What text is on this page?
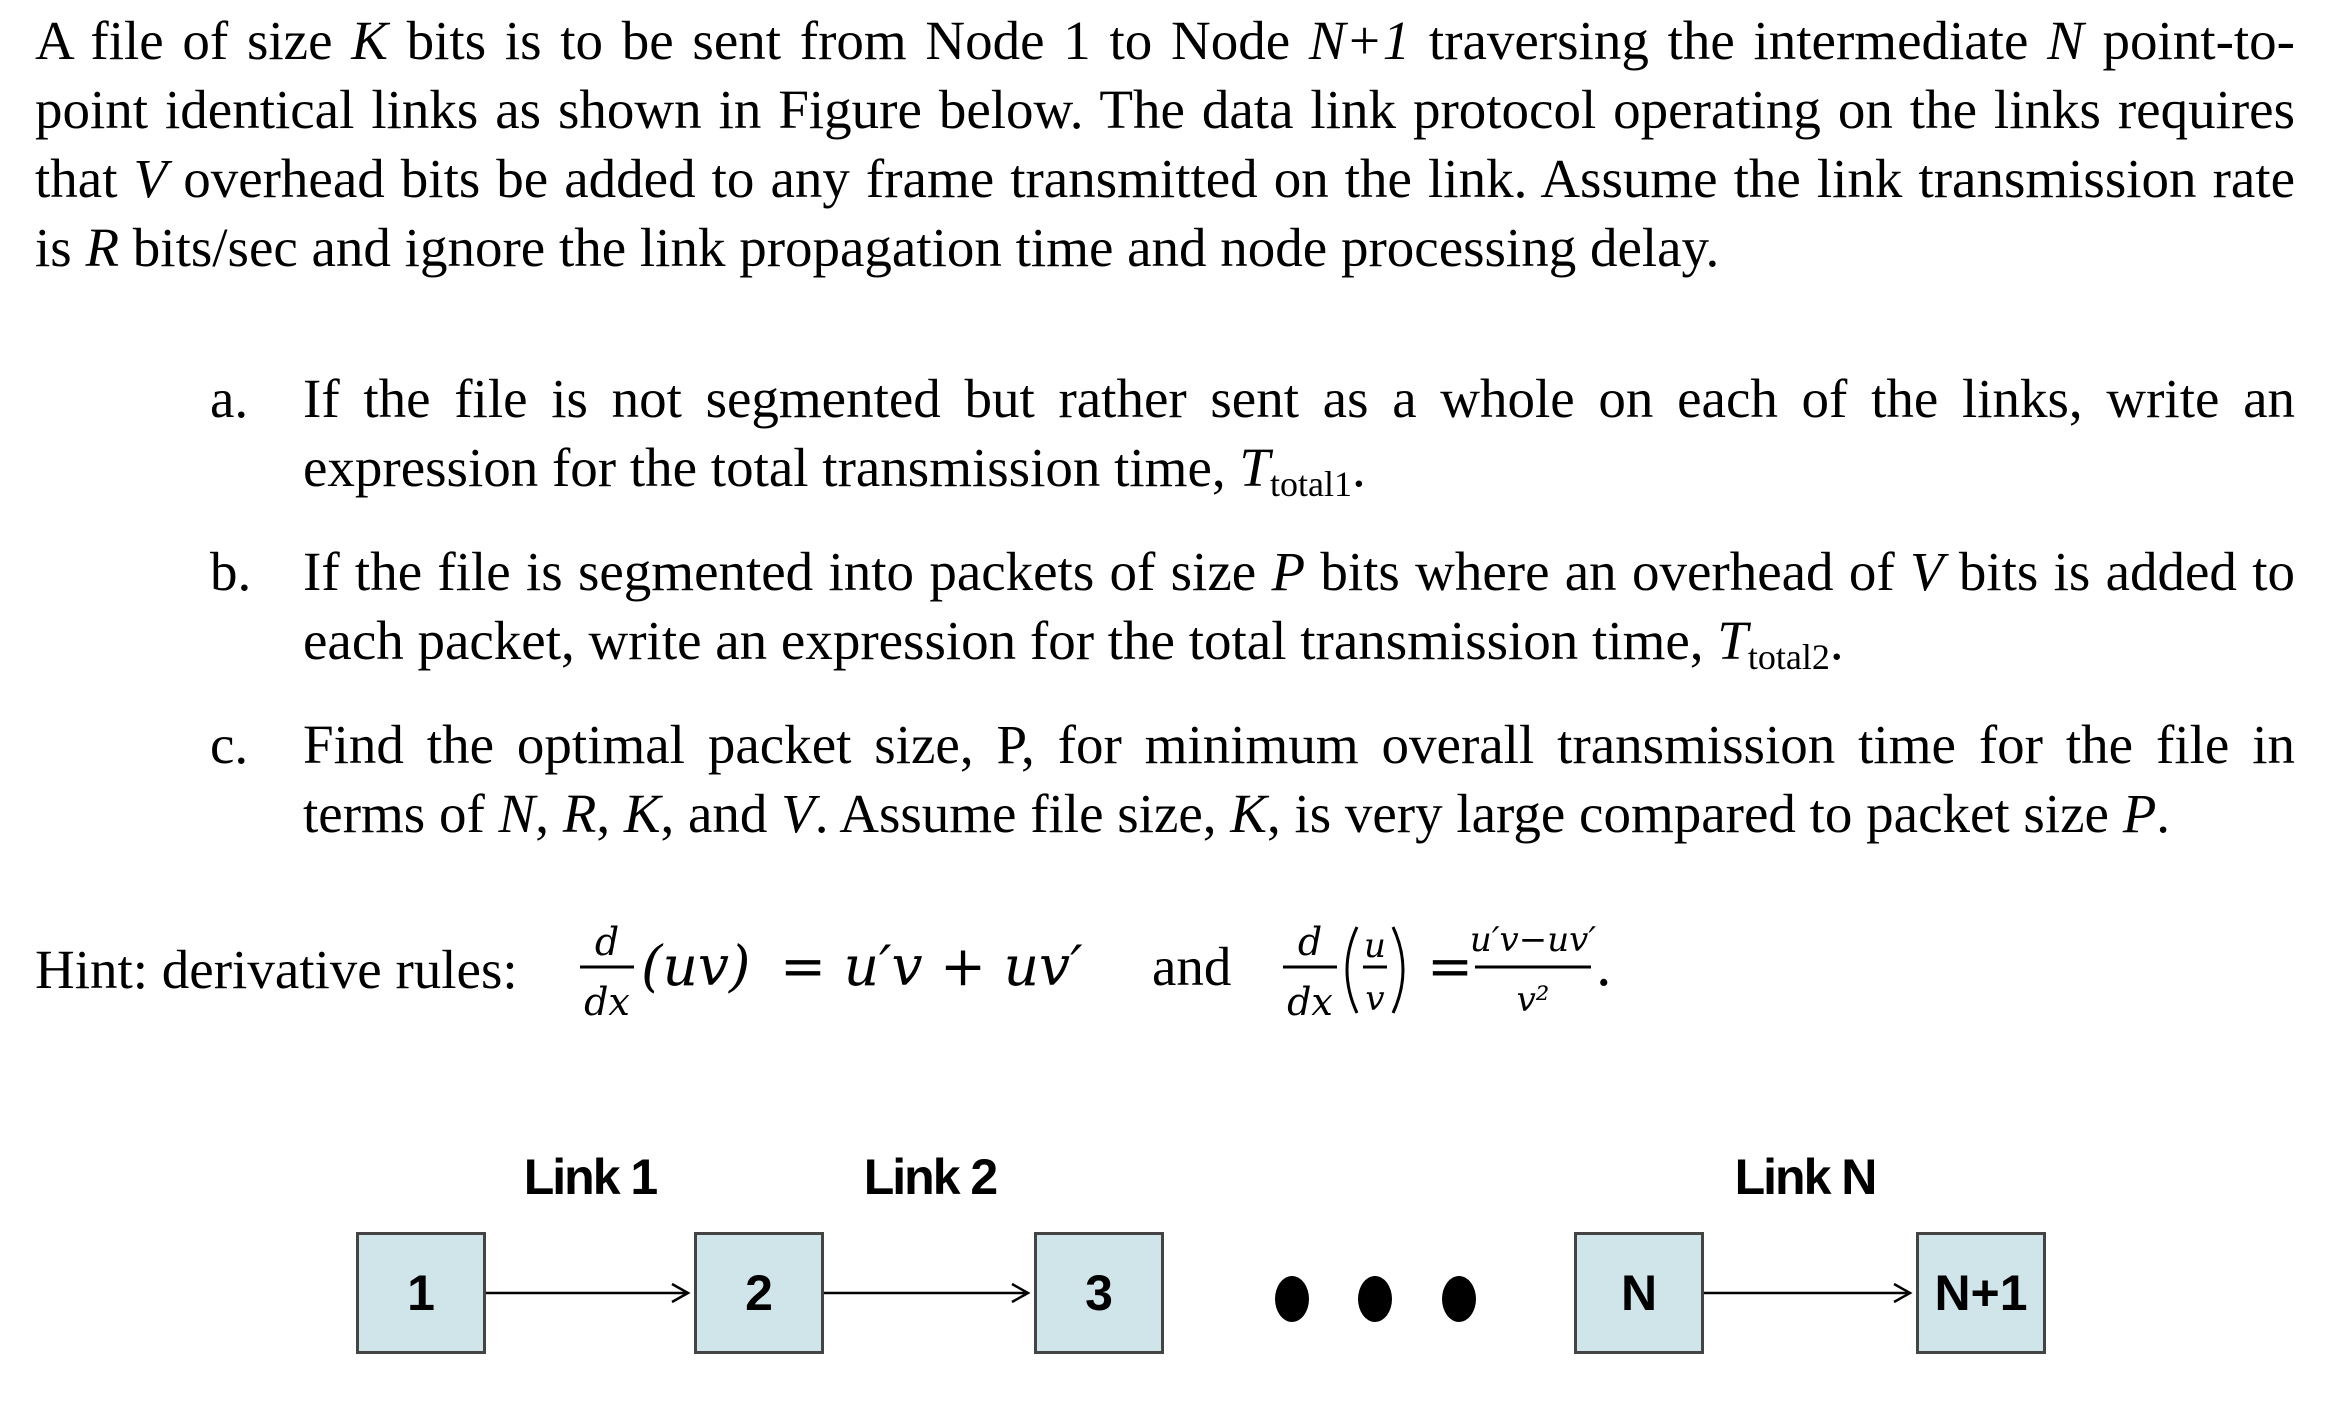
A file of size K bits is to be sent from Node 1 to Node N+1 traversing the intermediate N point-to-point identical links as shown in Figure below. The data link protocol operating on the links requires that V overhead bits be added to any frame transmitted on the link. Assume the link transmission rate is R bits/sec and ignore the link propagation time and node processing delay.
a. If the file is not segmented but rather sent as a whole on each of the links, write an expression for the total transmission time, $T_{total1}$.
b. If the file is segmented into packets of size P bits where an overhead of V bits is added to each packet, write an expression for the total transmission time, $T_{total2}$.
c. Find the optimal packet size, P, for minimum overall transmission time for the file in terms of N, R, K, and V. Assume file size, K, is very large compared to packet size P.
Hint: derivative rules: d
dx
(uv) = u′v + uv′ and d
dx
u
v
=
u′v−uv′
v²
.
Link 1	Link 2	Link N
1	2	3	N	N+1
